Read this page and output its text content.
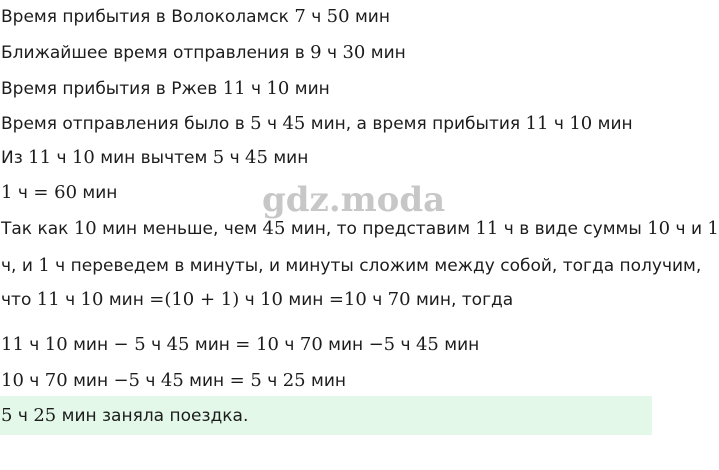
Время прибытия в Волоколамск 7 ч 50 мин
Ближайшее время отправления в 9 ч 30 мин
Время прибытия в Ржев 11 ч 10 мин
Время отправления было в 5 ч 45 мин, а время прибытия 11 ч 10 мин
Из 11 ч 10 мин вычтем 5 ч 45 мин
1 ч = 60 мин	gdz.moda
Так как 10 мин меньше, чем 45 мин, то представим 11 ч в виде суммы 10 ч и 1
ч, и 1 ч переведем в минуты, и минуты сложим между собой, тогда получим,
что 11 ч 10 мин =(10 + 1) ч 10 мин =10 ч 70 мин, тогда
11 ч 10 мин − 5 ч 45 мин = 10 ч 70 мин −5 ч 45 мин
10 ч 70 мин −5 ч 45 мин = 5 ч 25 мин
5 ч 25 мин заняла поездка.
